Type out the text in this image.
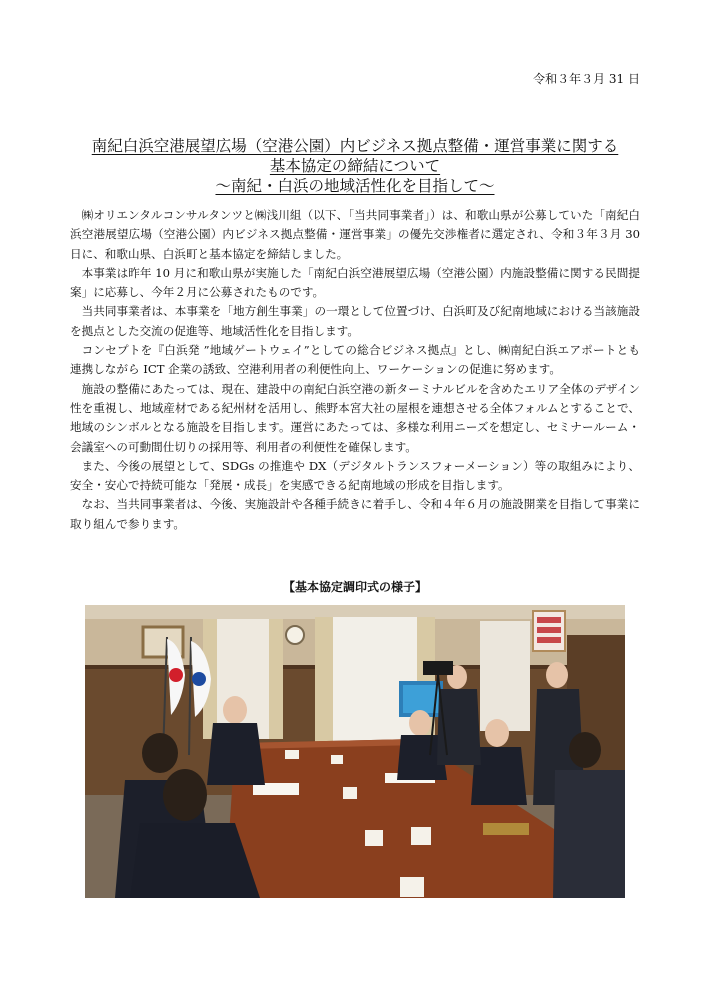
令和３年３月 31 日
南紀白浜空港展望広場（空港公園）内ビジネス拠点整備・運営事業に関する
基本協定の締結について
～南紀・白浜の地域活性化を目指して～

㈱オリエンタルコンサルタンツと㈱浅川組（以下、「当共同事業者」）は、和歌山県が公募していた「南紀白浜空港展望広場（空港公園）内ビジネス拠点整備・運営事業」の優先交渉権者に選定され、令和３年３月 30 日に、和歌山県、白浜町と基本協定を締結しました。

本事業は昨年 10 月に和歌山県が実施した「南紀白浜空港展望広場（空港公園）内施設整備に関する民間提案」に応募し、今年２月に公募されたものです。

当共同事業者は、本事業を「地方創生事業」の一環として位置づけ、白浜町及び紀南地域における当該施設を拠点とした交流の促進等、地域活性化を目指します。

コンセプトを『白浜発 ”地域ゲートウェイ”としての総合ビジネス拠点』とし、㈱南紀白浜エアポートとも連携しながら ICT 企業の誘致、空港利用者の利便性向上、ワーケーションの促進に努めます。

施設の整備にあたっては、現在、建設中の南紀白浜空港の新ターミナルビルを含めたエリア全体のデザイン性を重視し、地域産材である紀州材を活用し、熊野本宮大社の屋根を連想させる全体フォルムとすることで、地域のシンボルとなる施設を目指します。運営にあたっては、多様な利用ニーズを想定し、セミナールーム・会議室への可動間仕切りの採用等、利用者の利便性を確保します。

また、今後の展望として、SDGs の推進や DX（デジタルトランスフォーメーション）等の取組みにより、安全・安心で持続可能な「発展・成長」を実感できる紀南地域の形成を目指します。

なお、当共同事業者は、今後、実施設計や各種手続きに着手し、令和４年６月の施設開業を目指して事業に取り組んで参ります。

【基本協定調印式の様子】
